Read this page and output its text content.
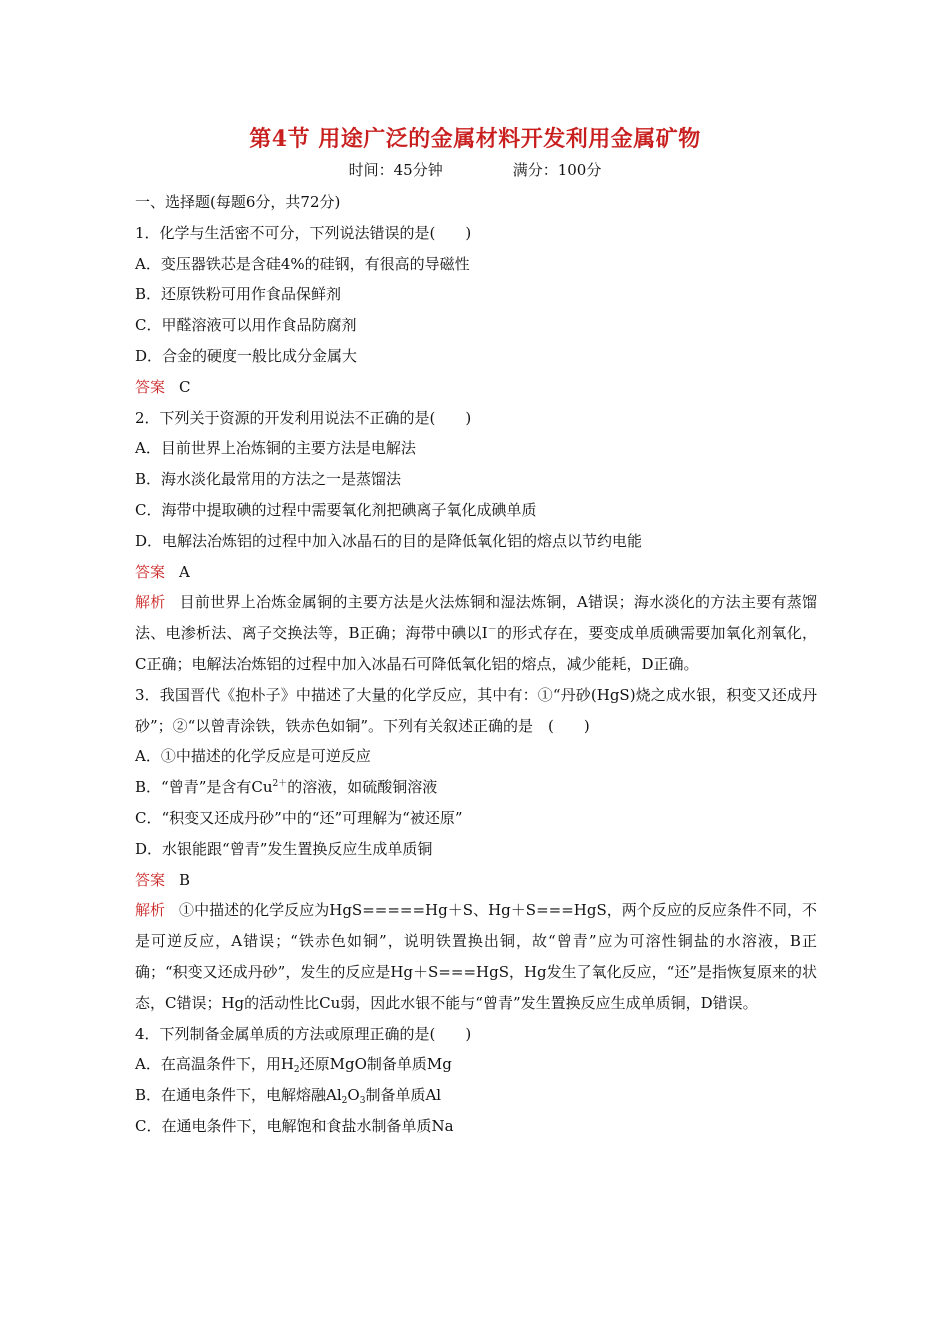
第4节 用途广泛的金属材料开发利用金属矿物
时间：45分钟	满分：100分
一、选择题(每题6分，共72分)
1．化学与生活密不可分，下列说法错误的是(　　)
A．变压器铁芯是含硅4%的硅钢，有很高的导磁性
B．还原铁粉可用作食品保鲜剂
C．甲醛溶液可以用作食品防腐剂
D．合金的硬度一般比成分金属大
答案 C
2．下列关于资源的开发利用说法不正确的是(　　)
A．目前世界上冶炼铜的主要方法是电解法
B．海水淡化最常用的方法之一是蒸馏法
C．海带中提取碘的过程中需要氧化剂把碘离子氧化成碘单质
D．电解法冶炼铝的过程中加入冰晶石的目的是降低氧化铝的熔点以节约电能
答案 A
解析 目前世界上冶炼金属铜的主要方法是火法炼铜和湿法炼铜，A错误；海水淡化的方法主要有蒸馏法、电渗析法、离子交换法等，B正确；海带中碘以I－的形式存在，要变成单质碘需要加氧化剂氧化，C正确；电解法冶炼铝的过程中加入冰晶石可降低氧化铝的熔点，减少能耗，D正确。
3．我国晋代《抱朴子》中描述了大量的化学反应，其中有：①“丹砂(HgS)烧之成水银，积变又还成丹砂”；②“以曾青涂铁，铁赤色如铜”。下列有关叙述正确的是　(　　)
A．①中描述的化学反应是可逆反应
B．“曾青”是含有$Cu^{2+}$的溶液，如硫酸铜溶液
C．“积变又还成丹砂”中的“还”可理解为“被还原”
D．水银能跟“曾青”发生置换反应生成单质铜
答案 B
解析 ①中描述的化学反应为HgS=====Hg＋S、Hg＋S===HgS，两个反应的反应条件不同，不是可逆反应，A错误；“铁赤色如铜”，说明铁置换出铜，故“曾青”应为可溶性铜盐的水溶液，B正确；“积变又还成丹砂”，发生的反应是Hg＋S===HgS，Hg发生了氧化反应，“还”是指恢复原来的状态，C错误；Hg的活动性比Cu弱，因此水银不能与“曾青”发生置换反应生成单质铜，D错误。
4．下列制备金属单质的方法或原理正确的是(　　)
A．在高温条件下，用$H_2$还原MgO制备单质Mg
B．在通电条件下，电解熔融$Al_2O_3$制备单质Al
C．在通电条件下，电解饱和食盐水制备单质Na
